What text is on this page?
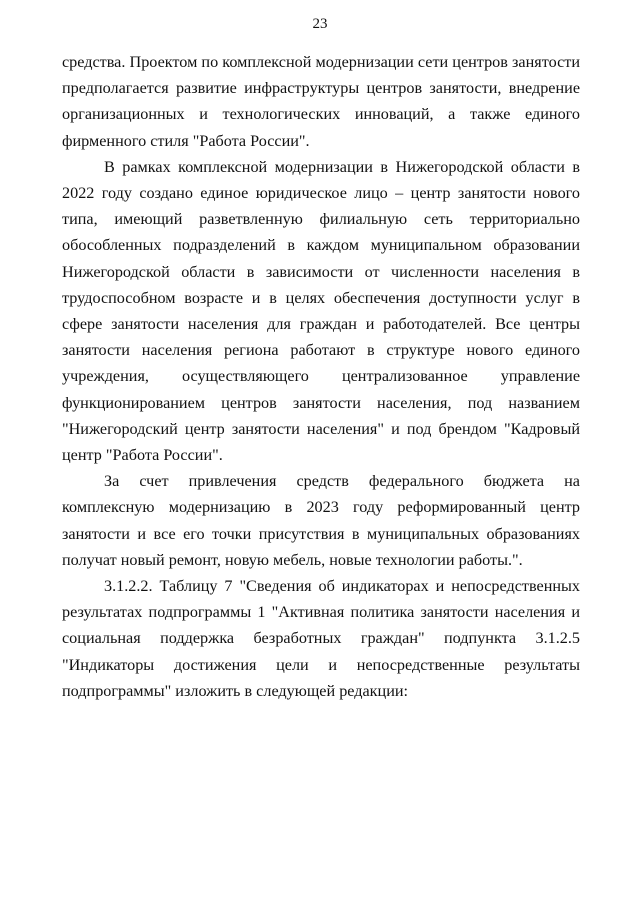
23

средства. Проектом по комплексной модернизации сети центров занятости предполагается развитие инфраструктуры центров занятости, внедрение организационных и технологических инноваций, а также единого фирменного стиля "Работа России".

В рамках комплексной модернизации в Нижегородской области в 2022 году создано единое юридическое лицо – центр занятости нового типа, имеющий разветвленную филиальную сеть территориально обособленных подразделений в каждом муниципальном образовании Нижегородской области в зависимости от численности населения в трудоспособном возрасте и в целях обеспечения доступности услуг в сфере занятости населения для граждан и работодателей. Все центры занятости населения региона работают в структуре нового единого учреждения, осуществляющего централизованное управление функционированием центров занятости населения, под названием "Нижегородский центр занятости населения" и под брендом "Кадровый центр "Работа России".

За счет привлечения средств федерального бюджета на комплексную модернизацию в 2023 году реформированный центр занятости и все его точки присутствия в муниципальных образованиях получат новый ремонт, новую мебель, новые технологии работы.".

3.1.2.2. Таблицу 7 "Сведения об индикаторах и непосредственных результатах подпрограммы 1 "Активная политика занятости населения и социальная поддержка безработных граждан" подпункта 3.1.2.5 "Индикаторы достижения цели и непосредственные результаты подпрограммы" изложить в следующей редакции:
